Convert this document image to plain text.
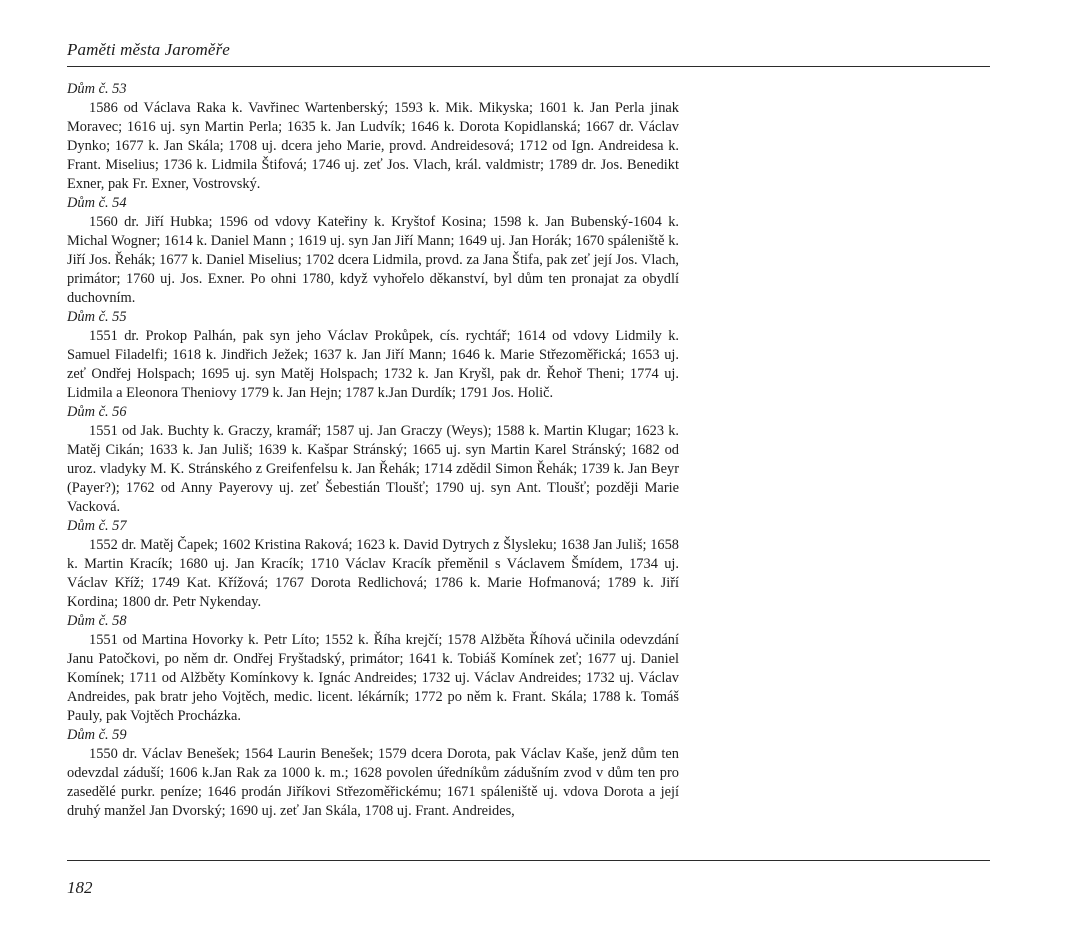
Paměti města Jaroměře
Dům č. 53

1586 od Václava Raka k. Vavřinec Wartenberský; 1593 k. Mik. Mikyska; 1601 k. Jan Perla jinak Moravec; 1616 uj. syn Martin Perla; 1635 k. Jan Ludvík; 1646 k. Dorota Kopidlanská; 1667 dr. Václav Dynko; 1677 k. Jan Skála; 1708 uj. dcera jeho Marie, provd. Andreidesová; 1712 od Ign. Andreidesa k. Frant. Miselius; 1736 k. Lidmila Štifová; 1746 uj. zeť Jos. Vlach, král. valdmistr; 1789 dr. Jos. Benedikt Exner, pak Fr. Exner, Vostrovský.

Dům č. 54

1560 dr. Jiří Hubka; 1596 od vdovy Kateřiny k. Kryštof Kosina; 1598 k. Jan Bubenský-1604 k. Michal Wogner; 1614 k. Daniel Mann ; 1619 uj. syn Jan Jiří Mann; 1649 uj. Jan Horák; 1670 spáleniště k. Jiří Jos. Řehák; 1677 k. Daniel Miselius; 1702 dcera Lidmila, provd. za Jana Štifa, pak zeť její Jos. Vlach, primátor; 1760 uj. Jos. Exner. Po ohni 1780, když vyhořelo děkanství, byl dům ten pronajat za obydlí duchovním.

Dům č. 55

1551 dr. Prokop Palhán, pak syn jeho Václav Prokůpek, cís. rychtář; 1614 od vdovy Lidmily k. Samuel Filadelfi; 1618 k. Jindřich Ježek; 1637 k. Jan Jiří Mann; 1646 k. Marie Střezoměřická; 1653 uj. zeť Ondřej Holspach; 1695 uj. syn Matěj Holspach; 1732 k. Jan Kryšl, pak dr. Řehoř Theni; 1774 uj. Lidmila a Eleonora Theniovy 1779 k. Jan Hejn; 1787 k.Jan Durdík; 1791 Jos. Holič.

Dům č. 56

1551 od Jak. Buchty k. Graczy, kramář; 1587 uj. Jan Graczy (Weys); 1588 k. Martin Klugar; 1623 k. Matěj Cikán; 1633 k. Jan Juliš; 1639 k. Kašpar Stránský; 1665 uj. syn Martin Karel Stránský; 1682 od uroz. vladyky M. K. Stránského z Greifenfelsu k. Jan Řehák; 1714 zdědil Simon Řehák; 1739 k. Jan Beyr (Payer?); 1762 od Anny Payerovy uj. zeť Šebestián Tloušť; 1790 uj. syn Ant. Tloušť; později Marie Vacková.

Dům č. 57

1552 dr. Matěj Čapek; 1602 Kristina Raková; 1623 k. David Dytrych z Šlysleku; 1638 Jan Juliš; 1658 k. Martin Kracík; 1680 uj. Jan Kracík; 1710 Václav Kracík přeměnil s Václavem Šmídem, 1734 uj. Václav Kříž; 1749 Kat. Křížová; 1767 Dorota Redlichová; 1786 k. Marie Hofmanová; 1789 k. Jiří Kordina; 1800 dr. Petr Nykenday.

Dům č. 58

1551 od Martina Hovorky k. Petr Líto; 1552 k. Říha krejčí; 1578 Alžběta Říhová učinila odevzdání Janu Patočkovi, po něm dr. Ondřej Fryštadský, primátor; 1641 k. Tobiáš Komínek zeť; 1677 uj. Daniel Komínek; 1711 od Alžběty Komínkovy k. Ignác Andreides; 1732 uj. Václav Andreides; 1732 uj. Václav Andreides, pak bratr jeho Vojtěch, medic. licent. lékárník; 1772 po něm k. Frant. Skála; 1788 k. Tomáš Pauly, pak Vojtěch Procházka.

Dům č. 59

1550 dr. Václav Benešek; 1564 Laurin Benešek; 1579 dcera Dorota, pak Václav Kaše, jenž dům ten odevzdal záduší; 1606 k.Jan Rak za 1000 k. m.; 1628 povolen úředníkům zádušním zvod v dům ten pro zasedělé purkr. peníze; 1646 prodán Jiříkovi Střezoměřickému; 1671 spáleniště uj. vdova Dorota a její druhý manžel Jan Dvorský; 1690 uj. zeť Jan Skála, 1708 uj. Frant. Andreides,

182
